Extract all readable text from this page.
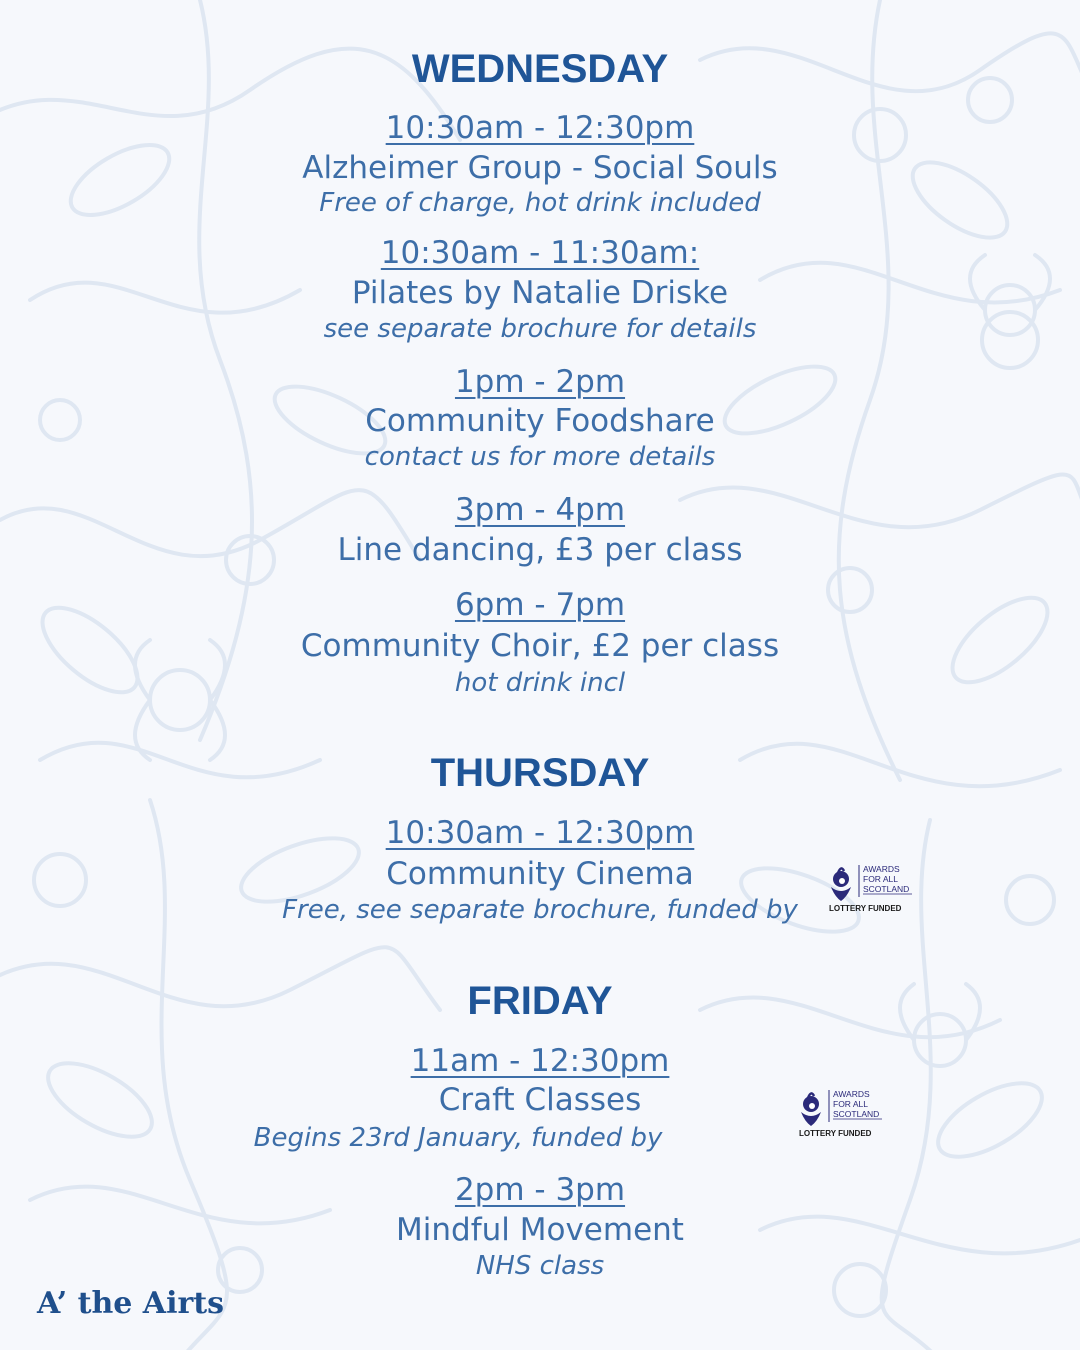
WEDNESDAY
10:30am - 12:30pm
Alzheimer Group - Social Souls
Free of charge, hot drink included
10:30am - 11:30am:
Pilates by Natalie Driske
see separate brochure for details
1pm - 2pm
Community Foodshare
contact us for more details
3pm - 4pm
Line dancing, £3 per class
6pm - 7pm
Community Choir, £2 per class
hot drink incl
THURSDAY
10:30am - 12:30pm
Community Cinema
Free, see separate brochure, funded by
AWARDS
FOR ALL
SCOTLAND
LOTTERY FUNDED
FRIDAY
11am - 12:30pm
Craft Classes
Begins 23rd January, funded by
AWARDS
FOR ALL
SCOTLAND
LOTTERY FUNDED
2pm - 3pm
Mindful Movement
NHS class
A’ the Airts
